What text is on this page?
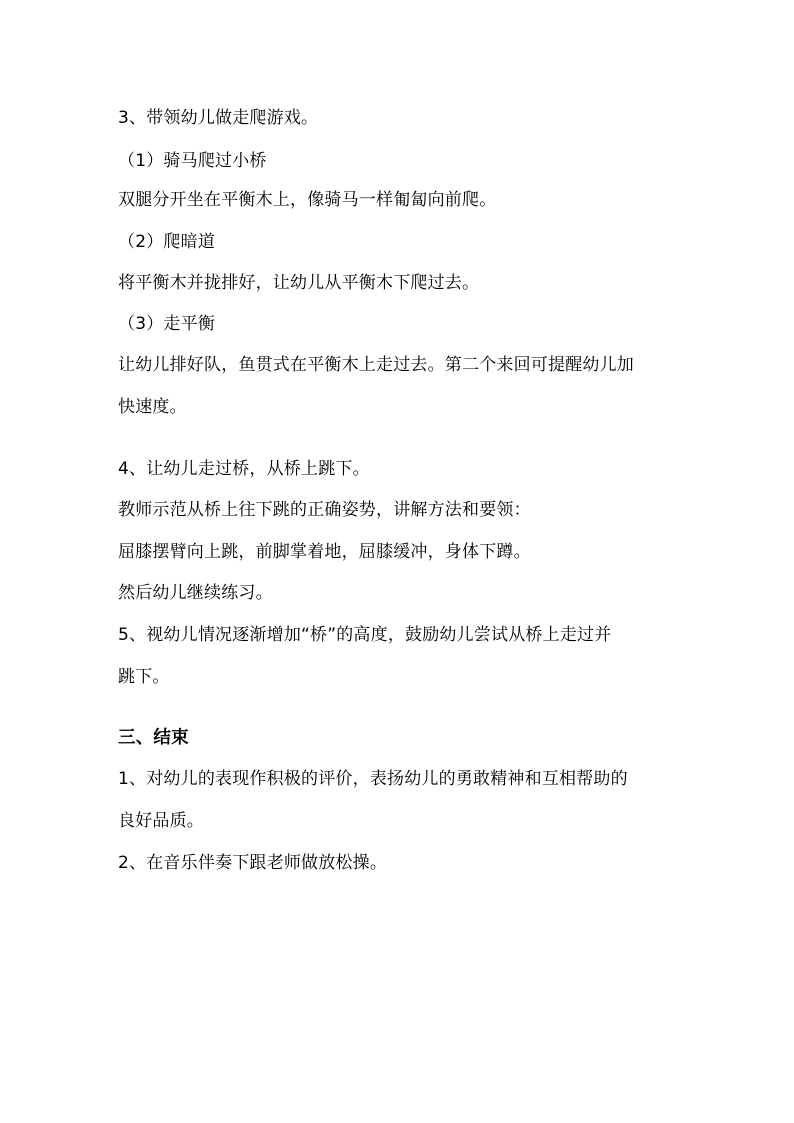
3、带领幼儿做走爬游戏。
（1）骑马爬过小桥
双腿分开坐在平衡木上，像骑马一样匍匐向前爬。
（2）爬暗道
将平衡木并拢排好，让幼儿从平衡木下爬过去。
（3）走平衡
让幼儿排好队，鱼贯式在平衡木上走过去。第二个来回可提醒幼儿加
快速度。
4、让幼儿走过桥，从桥上跳下。
教师示范从桥上往下跳的正确姿势，讲解方法和要领：
屈膝摆臂向上跳，前脚掌着地，屈膝缓冲，身体下蹲。
然后幼儿继续练习。
5、视幼儿情况逐渐增加“桥”的高度，鼓励幼儿尝试从桥上走过并
跳下。
三、结束
1、对幼儿的表现作积极的评价，表扬幼儿的勇敢精神和互相帮助的
良好品质。
2、在音乐伴奏下跟老师做放松操。
